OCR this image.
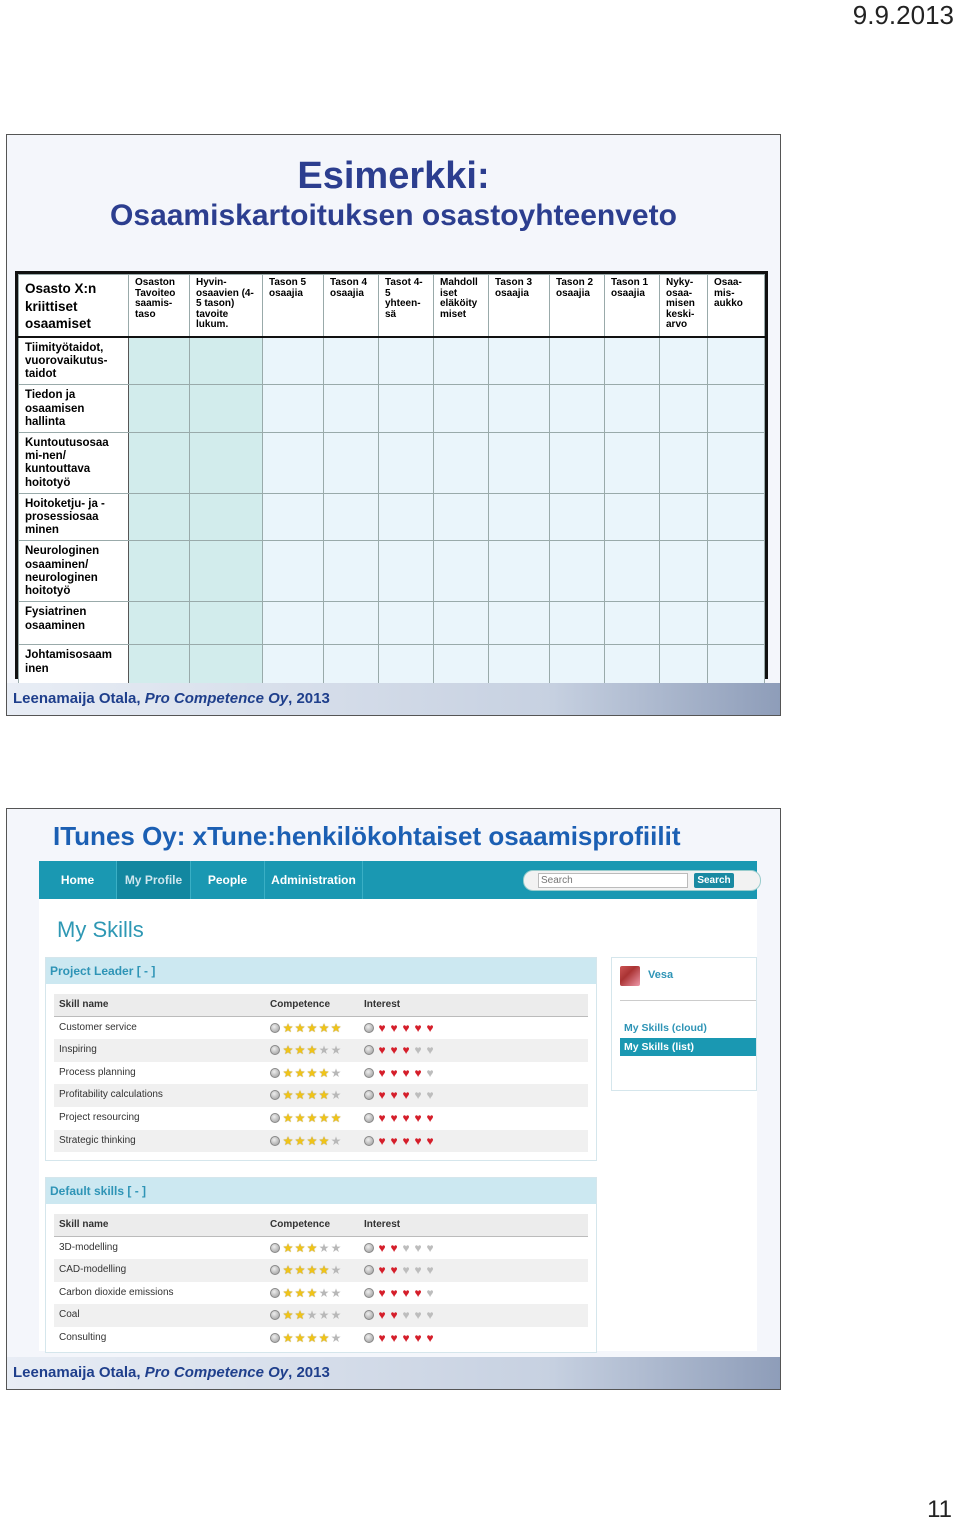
9.9.2013
Esimerkki:
Osaamiskartoituksen osastoyhteenveto
Osasto X:n kriittiset osaamiset	Osaston Tavoiteo saamis-taso	Hyvin-osaavien (4-5 tason) tavoite lukum.	Tason 5 osaajia	Tason 4 osaajia	Tasot 4-5 yhteen-sä	Mahdoll iset eläköity miset	Tason 3 osaajia	Tason 2 osaajia	Tason 1 osaajia	Nyky-osaa-misen keski-arvo	Osaa-mis-aukko
Tiimityötaidot, vuorovaikutus-taidot											
Tiedon ja osaamisen hallinta											
Kuntoutusosaa mi-nen/ kuntouttava hoitotyö											
Hoitoketju- ja -prosessiosaa minen											
Neurologinen osaaminen/ neurologinen hoitotyö											
Fysiatrinen osaaminen											
Johtamisosaam inen											
Leenamaija Otala, Pro Competence Oy, 2013
ITunes Oy: xTune:henkilökohtaiset osaamisprofiilit
Home	My Profile	People	Administration
Search	Search
My Skills
Project Leader [ - ]
Skill name	Competence	Interest
Customer service	★ ★ ★ ★ ★	♥ ♥ ♥ ♥ ♥
Inspiring	★ ★ ★ ★ ★	♥ ♥ ♥ ♥ ♥
Process planning	★ ★ ★ ★ ★	♥ ♥ ♥ ♥ ♥
Profitability calculations	★ ★ ★ ★ ★	♥ ♥ ♥ ♥ ♥
Project resourcing	★ ★ ★ ★ ★	♥ ♥ ♥ ♥ ♥
Strategic thinking	★ ★ ★ ★ ★	♥ ♥ ♥ ♥ ♥
Default skills [ - ]
Skill name	Competence	Interest
3D-modelling	★ ★ ★ ★ ★	♥ ♥ ♥ ♥ ♥
CAD-modelling	★ ★ ★ ★ ★	♥ ♥ ♥ ♥ ♥
Carbon dioxide emissions	★ ★ ★ ★ ★	♥ ♥ ♥ ♥ ♥
Coal	★ ★ ★ ★ ★	♥ ♥ ♥ ♥ ♥
Consulting	★ ★ ★ ★ ★	♥ ♥ ♥ ♥ ♥
Vesa
My Skills (cloud)
My Skills (list)
Leenamaija Otala, Pro Competence Oy, 2013
11
